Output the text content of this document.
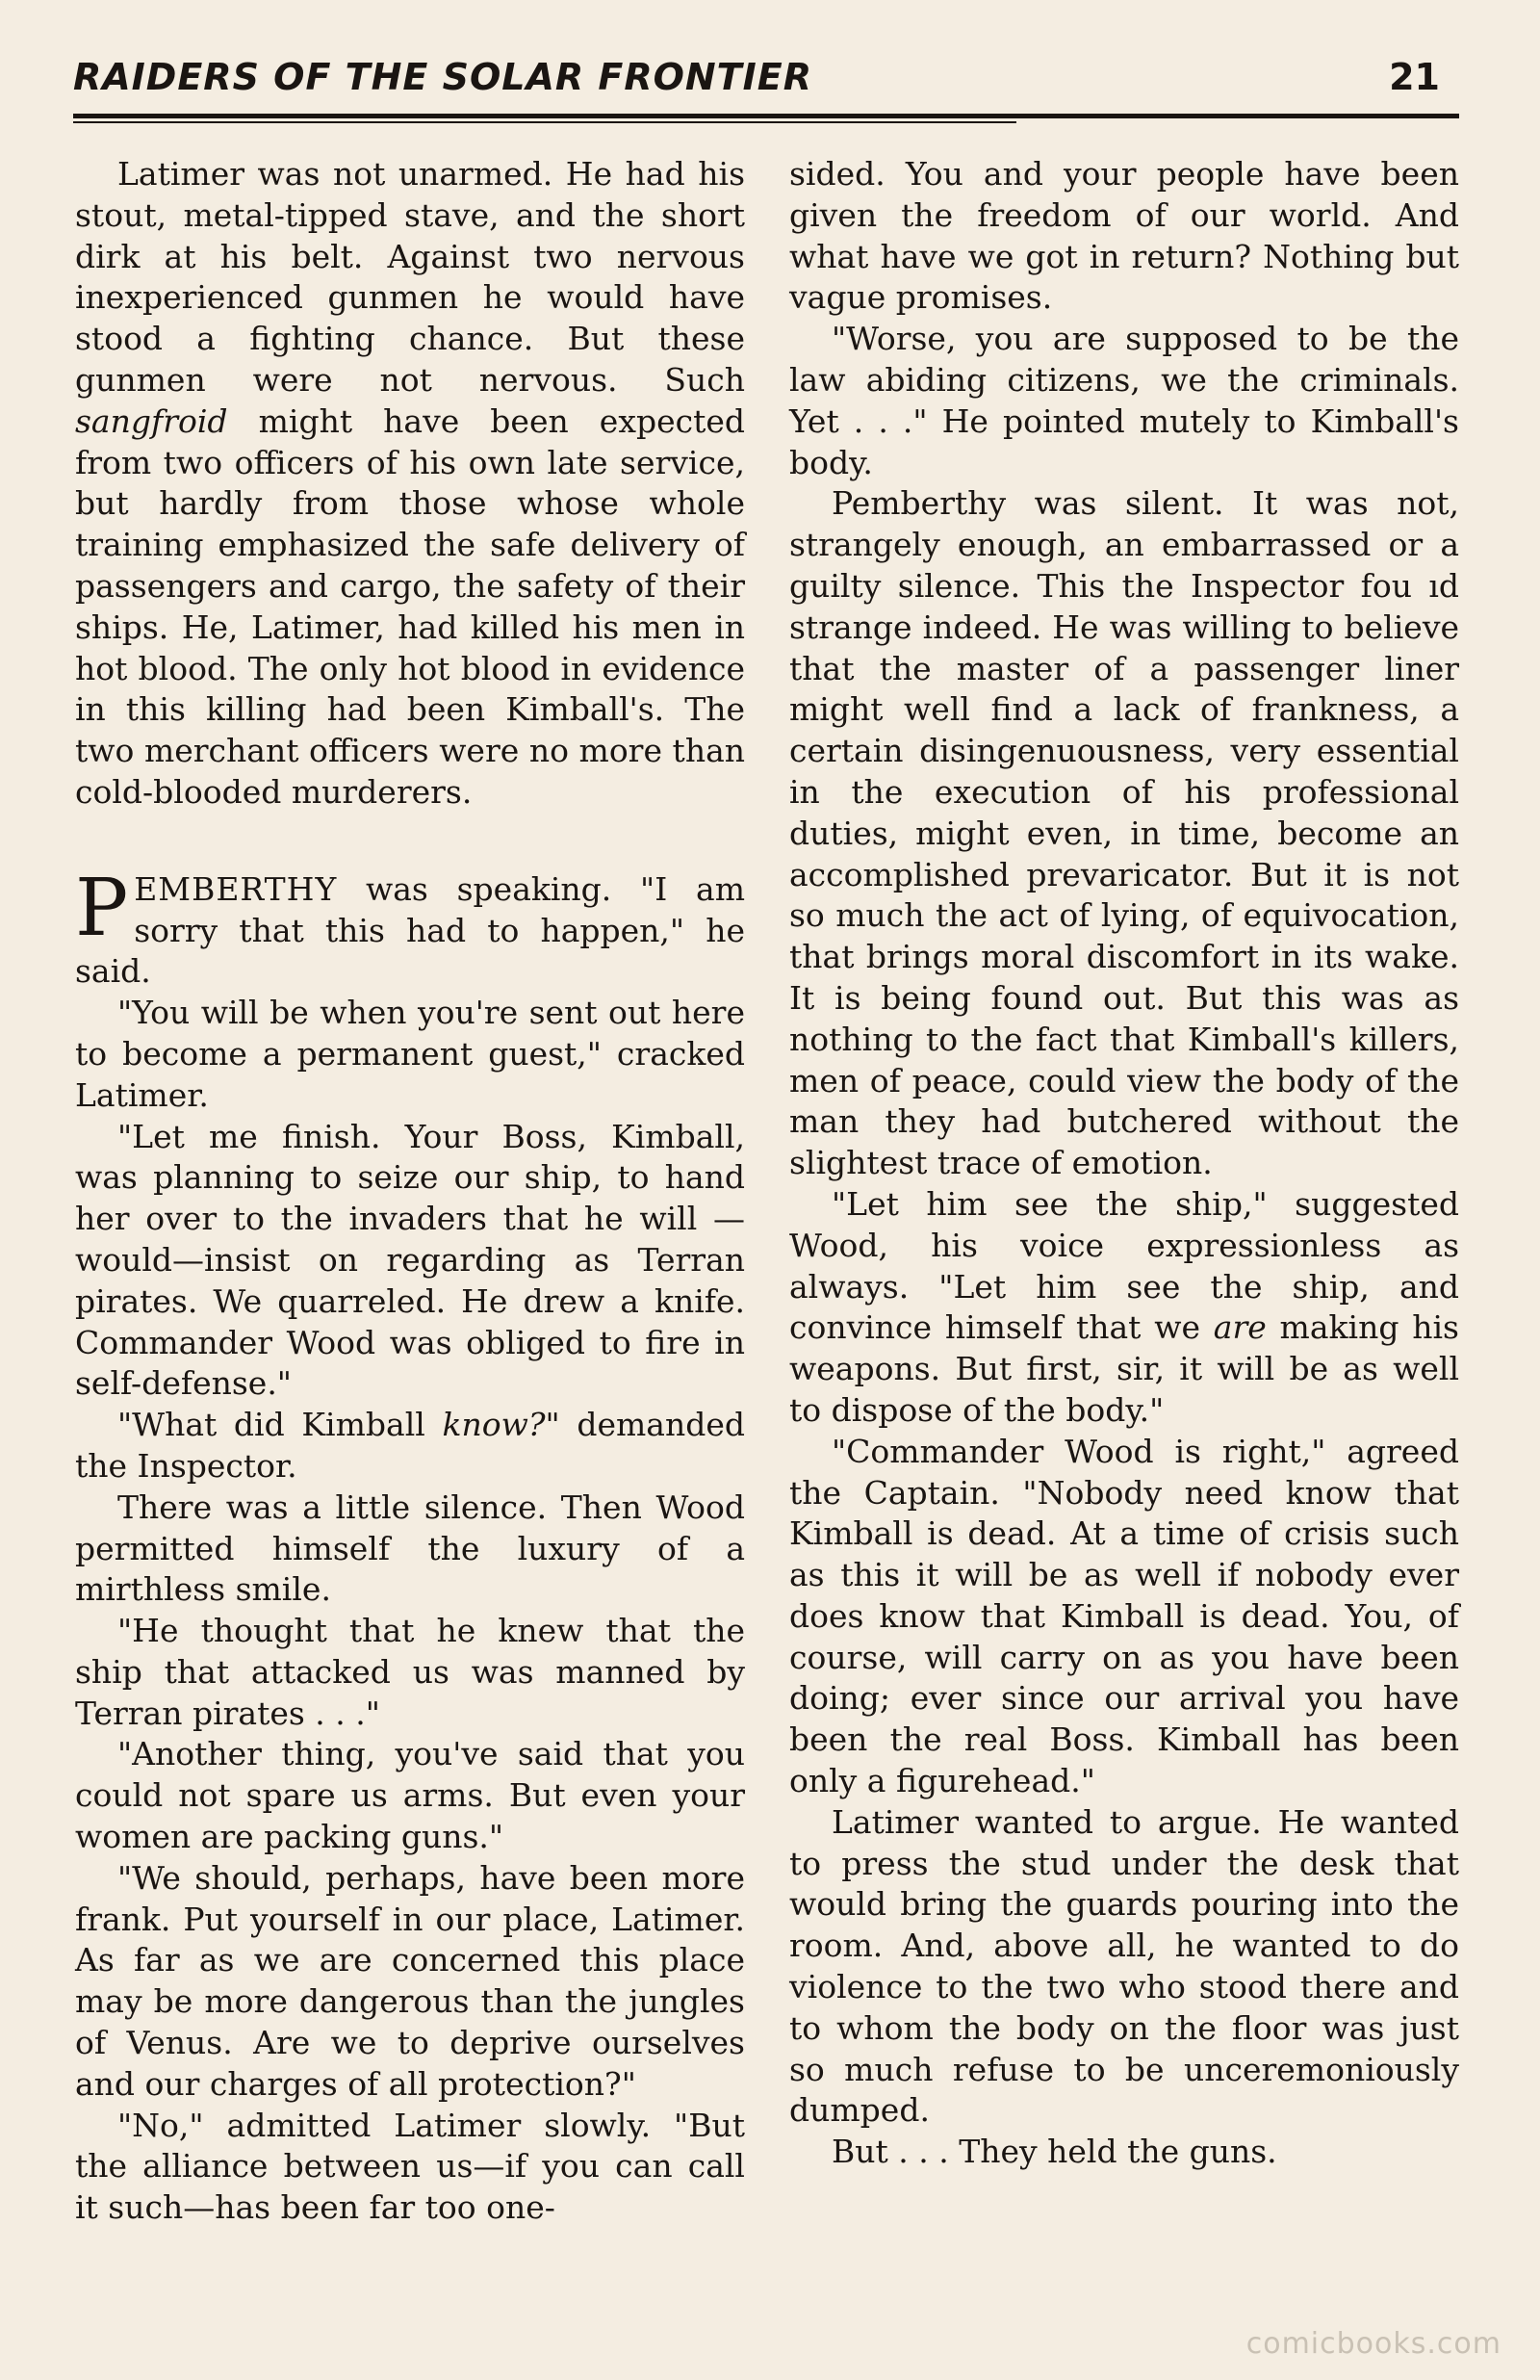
RAIDERS OF THE SOLAR FRONTIER	21

Latimer was not unarmed. He had his stout, metal-tipped stave, and the short dirk at his belt. Against two nervous inexperienced gunmen he would have stood a fighting chance. But these gunmen were not nervous. Such sangfroid might have been expected from two officers of his own late service, but hardly from those whose whole training emphasized the safe delivery of passengers and cargo, the safety of their ships. He, Latimer, had killed his men in hot blood. The only hot blood in evidence in this killing had been Kimball's. The two merchant officers were no more than cold-blooded murderers.

PEMBERTHY was speaking. "I am sorry that this had to happen," he said.

"You will be when you're sent out here to become a permanent guest," cracked Latimer.

"Let me finish. Your Boss, Kimball, was planning to seize our ship, to hand her over to the invaders that he will —would—insist on regarding as Terran pirates. We quarreled. He drew a knife. Commander Wood was obliged to fire in self-defense."

"What did Kimball know?" demanded the Inspector.

There was a little silence. Then Wood permitted himself the luxury of a mirthless smile.

"He thought that he knew that the ship that attacked us was manned by Terran pirates . . ."

"Another thing, you've said that you could not spare us arms. But even your women are packing guns."

"We should, perhaps, have been more frank. Put yourself in our place, Latimer. As far as we are concerned this place may be more dangerous than the jungles of Venus. Are we to deprive ourselves and our charges of all protection?"

"No," admitted Latimer slowly. "But the alliance between us—if you can call it such—has been far too one-

sided. You and your people have been given the freedom of our world. And what have we got in return? Nothing but vague promises.

"Worse, you are supposed to be the law abiding citizens, we the criminals. Yet . . ." He pointed mutely to Kimball's body.

Pemberthy was silent. It was not, strangely enough, an embarrassed or a guilty silence. This the Inspector fou ıd strange indeed. He was willing to believe that the master of a passenger liner might well find a lack of frankness, a certain disingenuousness, very essential in the execution of his professional duties, might even, in time, become an accomplished prevaricator. But it is not so much the act of lying, of equivocation, that brings moral discomfort in its wake. It is being found out. But this was as nothing to the fact that Kimball's killers, men of peace, could view the body of the man they had butchered without the slightest trace of emotion.

"Let him see the ship," suggested Wood, his voice expressionless as always. "Let him see the ship, and convince himself that we are making his weapons. But first, sir, it will be as well to dispose of the body."

"Commander Wood is right," agreed the Captain. "Nobody need know that Kimball is dead. At a time of crisis such as this it will be as well if nobody ever does know that Kimball is dead. You, of course, will carry on as you have been doing; ever since our arrival you have been the real Boss. Kimball has been only a figurehead."

Latimer wanted to argue. He wanted to press the stud under the desk that would bring the guards pouring into the room. And, above all, he wanted to do violence to the two who stood there and to whom the body on the floor was just so much refuse to be unceremoniously dumped.

But . . . They held the guns.

comicbooks.com
